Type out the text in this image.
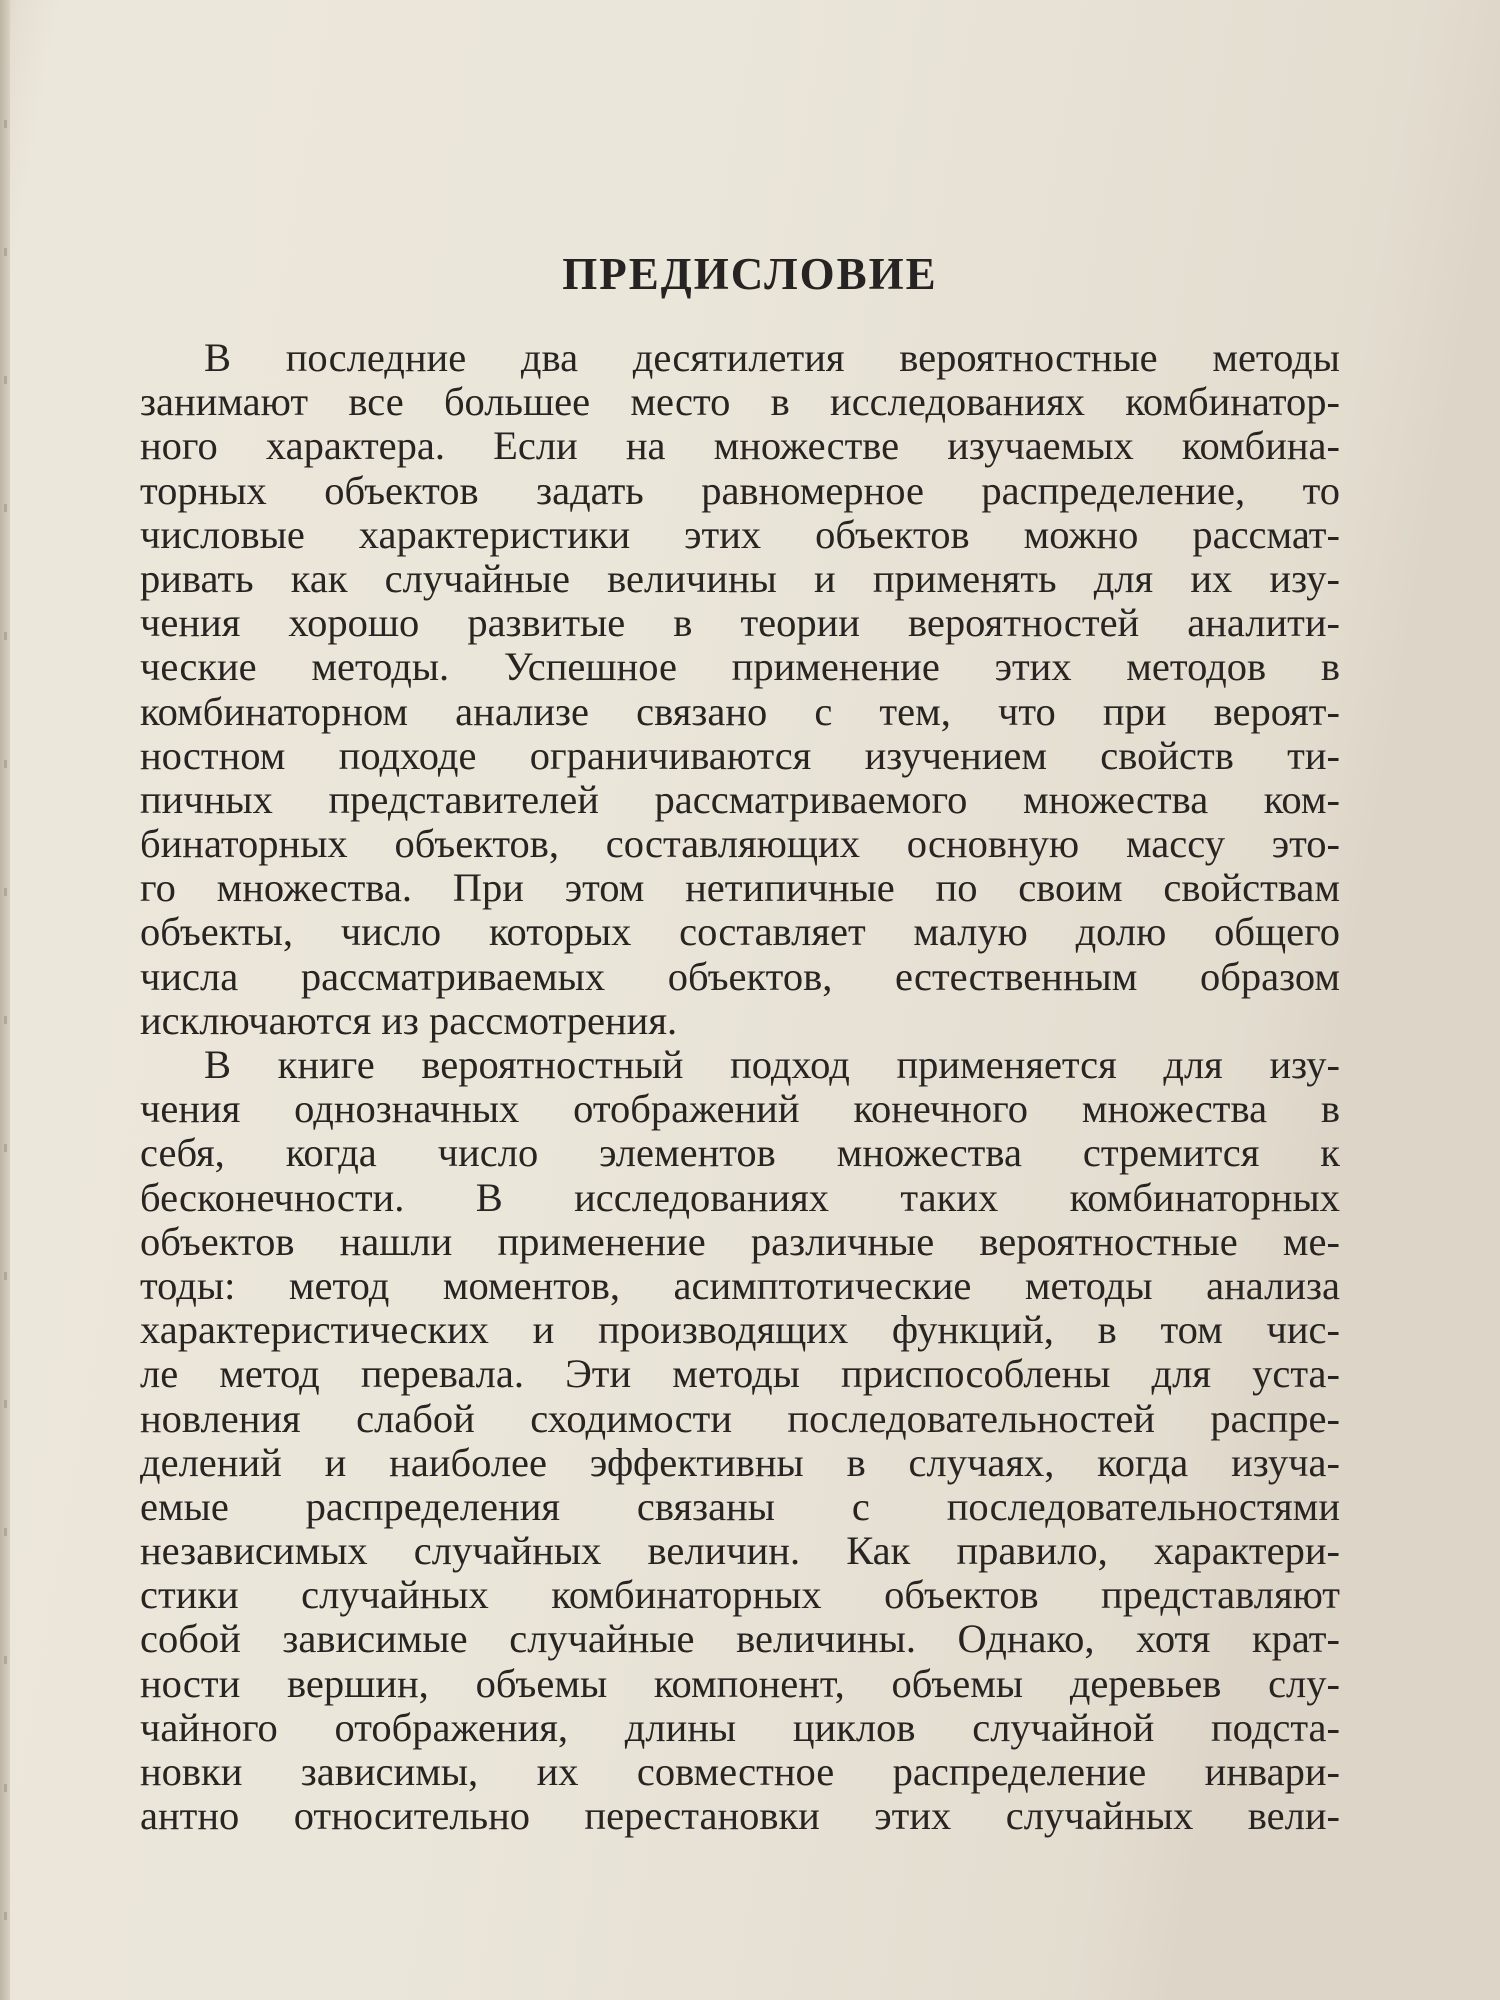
ПРЕДИСЛОВИЕ
В последние два десятилетия вероятностные методы
занимают все большее место в исследованиях комбинатор-
ного характера. Если на множестве изучаемых комбина-
торных объектов задать равномерное распределение, то
числовые характеристики этих объектов можно рассмат-
ривать как случайные величины и применять для их изу-
чения хорошо развитые в теории вероятностей аналити-
ческие методы. Успешное применение этих методов в
комбинаторном анализе связано с тем, что при вероят-
ностном подходе ограничиваются изучением свойств ти-
пичных представителей рассматриваемого множества ком-
бинаторных объектов, составляющих основную массу это-
го множества. При этом нетипичные по своим свойствам
объекты, число которых составляет малую долю общего
числа рассматриваемых объектов, естественным образом
исключаются из рассмотрения.
В книге вероятностный подход применяется для изу-
чения однозначных отображений конечного множества в
себя, когда число элементов множества стремится к
бесконечности. В исследованиях таких комбинаторных
объектов нашли применение различные вероятностные ме-
тоды: метод моментов, асимптотические методы анализа
характеристических и производящих функций, в том чис-
ле метод перевала. Эти методы приспособлены для уста-
новления слабой сходимости последовательностей распре-
делений и наиболее эффективны в случаях, когда изуча-
емые распределения связаны с последовательностями
независимых случайных величин. Как правило, характери-
стики случайных комбинаторных объектов представляют
собой зависимые случайные величины. Однако, хотя крат-
ности вершин, объемы компонент, объемы деревьев слу-
чайного отображения, длины циклов случайной подста-
новки зависимы, их совместное распределение инвари-
антно относительно перестановки этих случайных вели-
